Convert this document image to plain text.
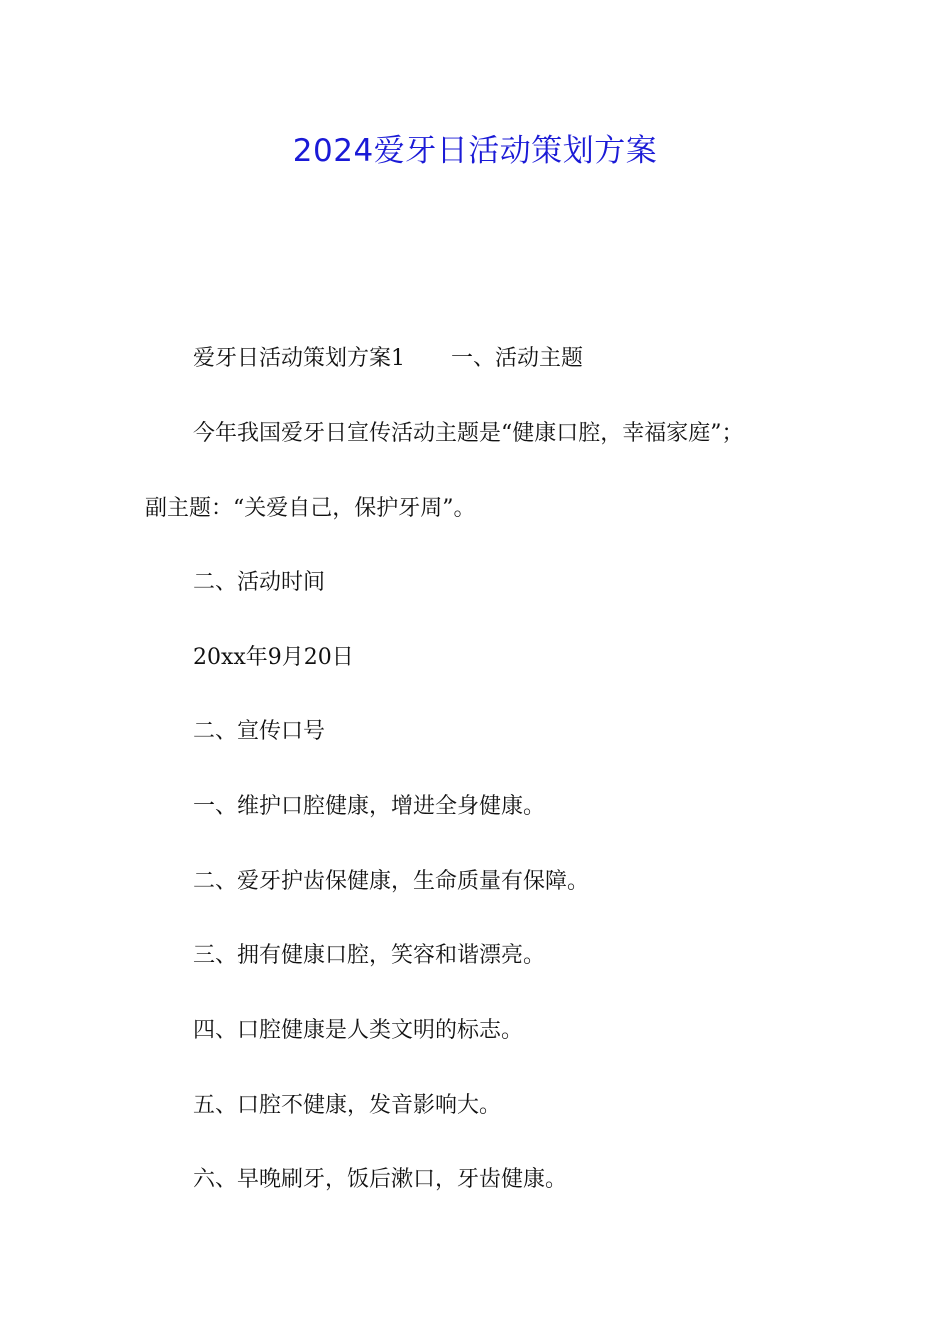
2024爱牙日活动策划方案
爱牙日活动策划方案1 一、活动主题
今年我国爱牙日宣传活动主题是“健康口腔，幸福家庭”；
副主题：“关爱自己，保护牙周”。
二、活动时间
20xx年9月20日
二、宣传口号
一、维护口腔健康，增进全身健康。
二、爱牙护齿保健康，生命质量有保障。
三、拥有健康口腔，笑容和谐漂亮。
四、口腔健康是人类文明的标志。
五、口腔不健康，发音影响大。
六、早晚刷牙，饭后漱口，牙齿健康。
